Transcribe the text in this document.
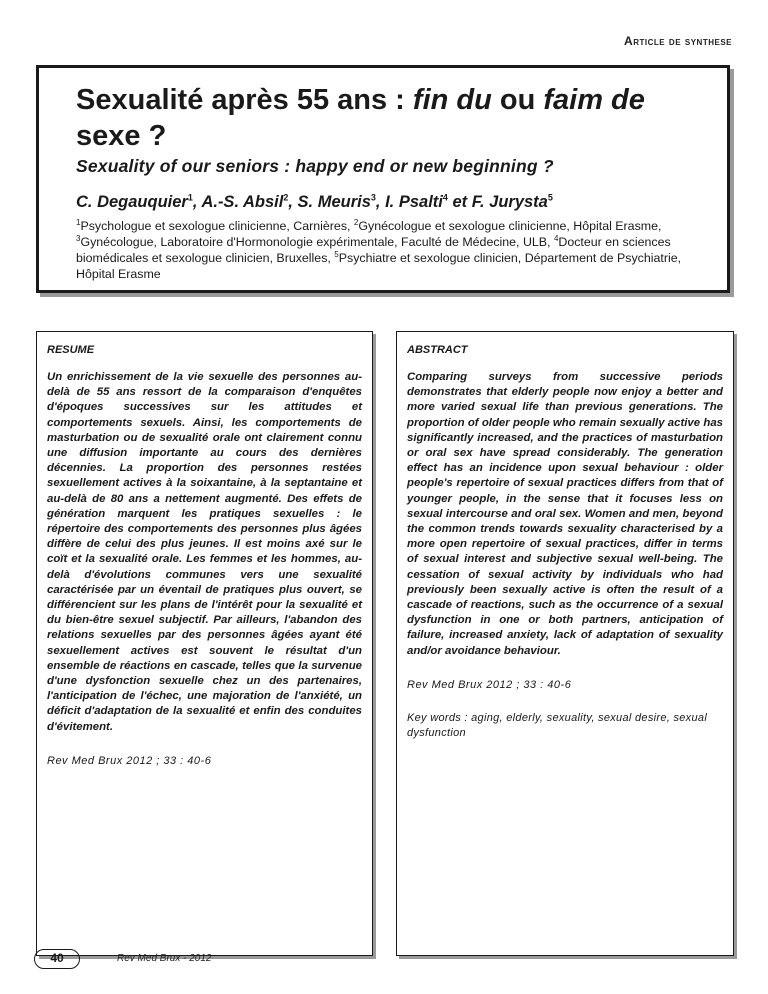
Article de synthese
Sexualité après 55 ans : fin du ou faim de
sexe ?
Sexuality of our seniors : happy end or new beginning ?
C. Degauquier$^1$, A.-S. Absil$^2$, S. Meuris$^3$, I. Psalti$^4$ et F. Jurysta$^5$
$^1$Psychologue et sexologue clinicienne, Carnières, $^2$Gynécologue et sexologue clinicienne, Hôpital Erasme, $^3$Gynécologue, Laboratoire d'Hormonologie expérimentale, Faculté de Médecine, ULB, $^4$Docteur en sciences biomédicales et sexologue clinicien, Bruxelles, $^5$Psychiatre et sexologue clinicien, Département de Psychiatrie, Hôpital Erasme
RESUME

Un enrichissement de la vie sexuelle des personnes au-delà de 55 ans ressort de la comparaison d'enquêtes d'époques successives sur les attitudes et comportements sexuels. Ainsi, les comportements de masturbation ou de sexualité orale ont clairement connu une diffusion importante au cours des dernières décennies. La proportion des personnes restées sexuellement actives à la soixantaine, à la septantaine et au-delà de 80 ans a nettement augmenté. Des effets de génération marquent les pratiques sexuelles : le répertoire des comportements des personnes plus âgées diffère de celui des plus jeunes. Il est moins axé sur le coït et la sexualité orale. Les femmes et les hommes, au-delà d'évolutions communes vers une sexualité caractérisée par un éventail de pratiques plus ouvert, se différencient sur les plans de l'intérêt pour la sexualité et du bien-être sexuel subjectif. Par ailleurs, l'abandon des relations sexuelles par des personnes âgées ayant été sexuellement actives est souvent le résultat d'un ensemble de réactions en cascade, telles que la survenue d'une dysfonction sexuelle chez un des partenaires, l'anticipation de l'échec, une majoration de l'anxiété, un déficit d'adaptation de la sexualité et enfin des conduites d'évitement.

Rev Med Brux 2012 ; 33 : 40-6

ABSTRACT

Comparing surveys from successive periods demonstrates that elderly people now enjoy a better and more varied sexual life than previous generations. The proportion of older people who remain sexually active has significantly increased, and the practices of masturbation or oral sex have spread considerably. The generation effect has an incidence upon sexual behaviour : older people's repertoire of sexual practices differs from that of younger people, in the sense that it focuses less on sexual intercourse and oral sex. Women and men, beyond the common trends towards sexuality characterised by a more open repertoire of sexual practices, differ in terms of sexual interest and subjective sexual well-being. The cessation of sexual activity by individuals who had previously been sexually active is often the result of a cascade of reactions, such as the occurrence of a sexual dysfunction in one or both partners, anticipation of failure, increased anxiety, lack of adaptation of sexuality and/or avoidance behaviour.

Rev Med Brux 2012 ; 33 : 40-6

Key words : aging, elderly, sexuality, sexual desire, sexual dysfunction

40	Rev Med Brux - 2012
